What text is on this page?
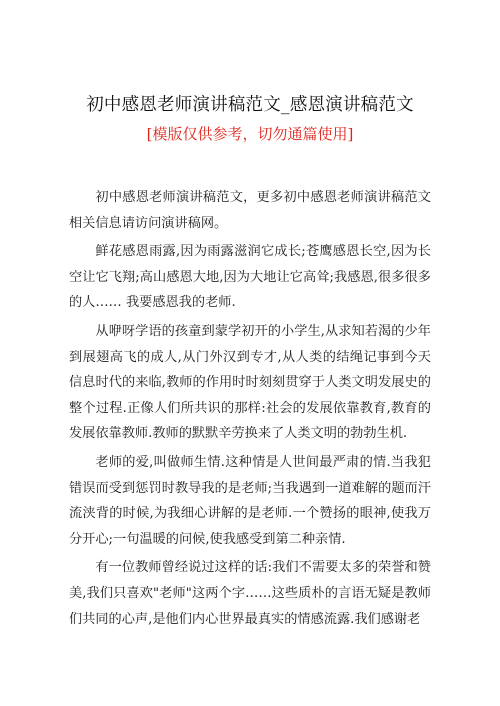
初中感恩老师演讲稿范文_感恩演讲稿范文
[模版仅供参考，切勿通篇使用]

初中感恩老师演讲稿范文，更多初中感恩老师演讲稿范文相关信息请访问演讲稿网。

鲜花感恩雨露,因为雨露滋润它成长;苍鹰感恩长空,因为长空让它飞翔;高山感恩大地,因为大地让它高耸;我感恩,很多很多的人…… 我要感恩我的老师.

从咿呀学语的孩童到蒙学初开的小学生,从求知若渴的少年到展翅高飞的成人,从门外汉到专才,从人类的结绳记事到今天信息时代的来临,教师的作用时时刻刻贯穿于人类文明发展史的整个过程.正像人们所共识的那样:社会的发展依靠教育,教育的发展依靠教师.教师的默默辛劳换来了人类文明的勃勃生机.

老师的爱,叫做师生情.这种情是人世间最严肃的情.当我犯错误而受到惩罚时教导我的是老师;当我遇到一道难解的题而汗流浃背的时候,为我细心讲解的是老师.一个赞扬的眼神,使我万分开心;一句温暖的问候,使我感受到第二种亲情.

有一位教师曾经说过这样的话:我们不需要太多的荣誉和赞美,我们只喜欢"老师"这两个字……这些质朴的言语无疑是教师们共同的心声,是他们内心世界最真实的情感流露.我们感谢老
